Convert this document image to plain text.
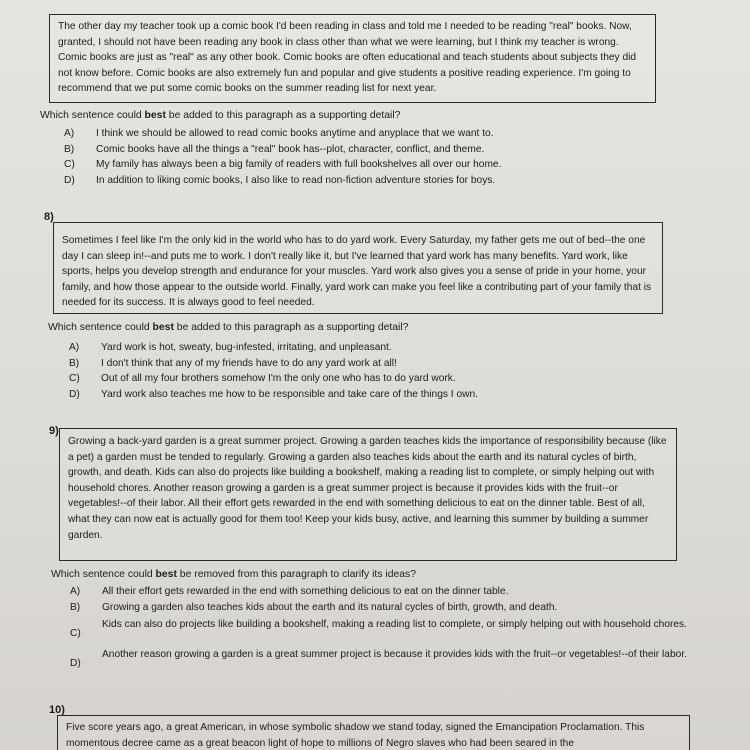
The other day my teacher took up a comic book I'd been reading in class and told me I needed to be reading "real" books. Now, granted, I should not have been reading any book in class other than what we were learning, but I think my teacher is wrong. Comic books are just as "real" as any other book. Comic books are often educational and teach students about subjects they did not know before. Comic books are also extremely fun and popular and give students a positive reading experience. I'm going to recommend that we put some comic books on the summer reading list for next year.
Which sentence could best be added to this paragraph as a supporting detail?
A)	I think we should be allowed to read comic books anytime and anyplace that we want to.
B)	Comic books have all the things a "real" book has--plot, character, conflict, and theme.
C)	My family has always been a big family of readers with full bookshelves all over our home.
D)	In addition to liking comic books, I also like to read non-fiction adventure stories for boys.
8)
Sometimes I feel like I'm the only kid in the world who has to do yard work. Every Saturday, my father gets me out of bed--the one day I can sleep in!--and puts me to work. I don't really like it, but I've learned that yard work has many benefits. Yard work, like sports, helps you develop strength and endurance for your muscles. Yard work also gives you a sense of pride in your home, your family, and how those appear to the outside world. Finally, yard work can make you feel like a contributing part of your family that is needed for its success. It is always good to feel needed.
Which sentence could best be added to this paragraph as a supporting detail?
A)	Yard work is hot, sweaty, bug-infested, irritating, and unpleasant.
B)	I don't think that any of my friends have to do any yard work at all!
C)	Out of all my four brothers somehow I'm the only one who has to do yard work.
D)	Yard work also teaches me how to be responsible and take care of the things I own.
9)
Growing a back-yard garden is a great summer project. Growing a garden teaches kids the importance of responsibility because (like a pet) a garden must be tended to regularly. Growing a garden also teaches kids about the earth and its natural cycles of birth, growth, and death. Kids can also do projects like building a bookshelf, making a reading list to complete, or simply helping out with household chores. Another reason growing a garden is a great summer project is because it provides kids with the fruit--or vegetables!--of their labor. All their effort gets rewarded in the end with something delicious to eat on the dinner table. Best of all, what they can now eat is actually good for them too! Keep your kids busy, active, and learning this summer by building a summer garden.
Which sentence could best be removed from this paragraph to clarify its ideas?
A)	All their effort gets rewarded in the end with something delicious to eat on the dinner table.
B)	Growing a garden also teaches kids about the earth and its natural cycles of birth, growth, and death.
C)
Kids can also do projects like building a bookshelf, making a reading list to complete, or simply helping out with household chores.
D)
Another reason growing a garden is a great summer project is because it provides kids with the fruit--or vegetables!--of their labor.
10)
Five score years ago, a great American, in whose symbolic shadow we stand today, signed the Emancipation Proclamation. This momentous decree came as a great beacon light of hope to millions of Negro slaves who had been seared in the
